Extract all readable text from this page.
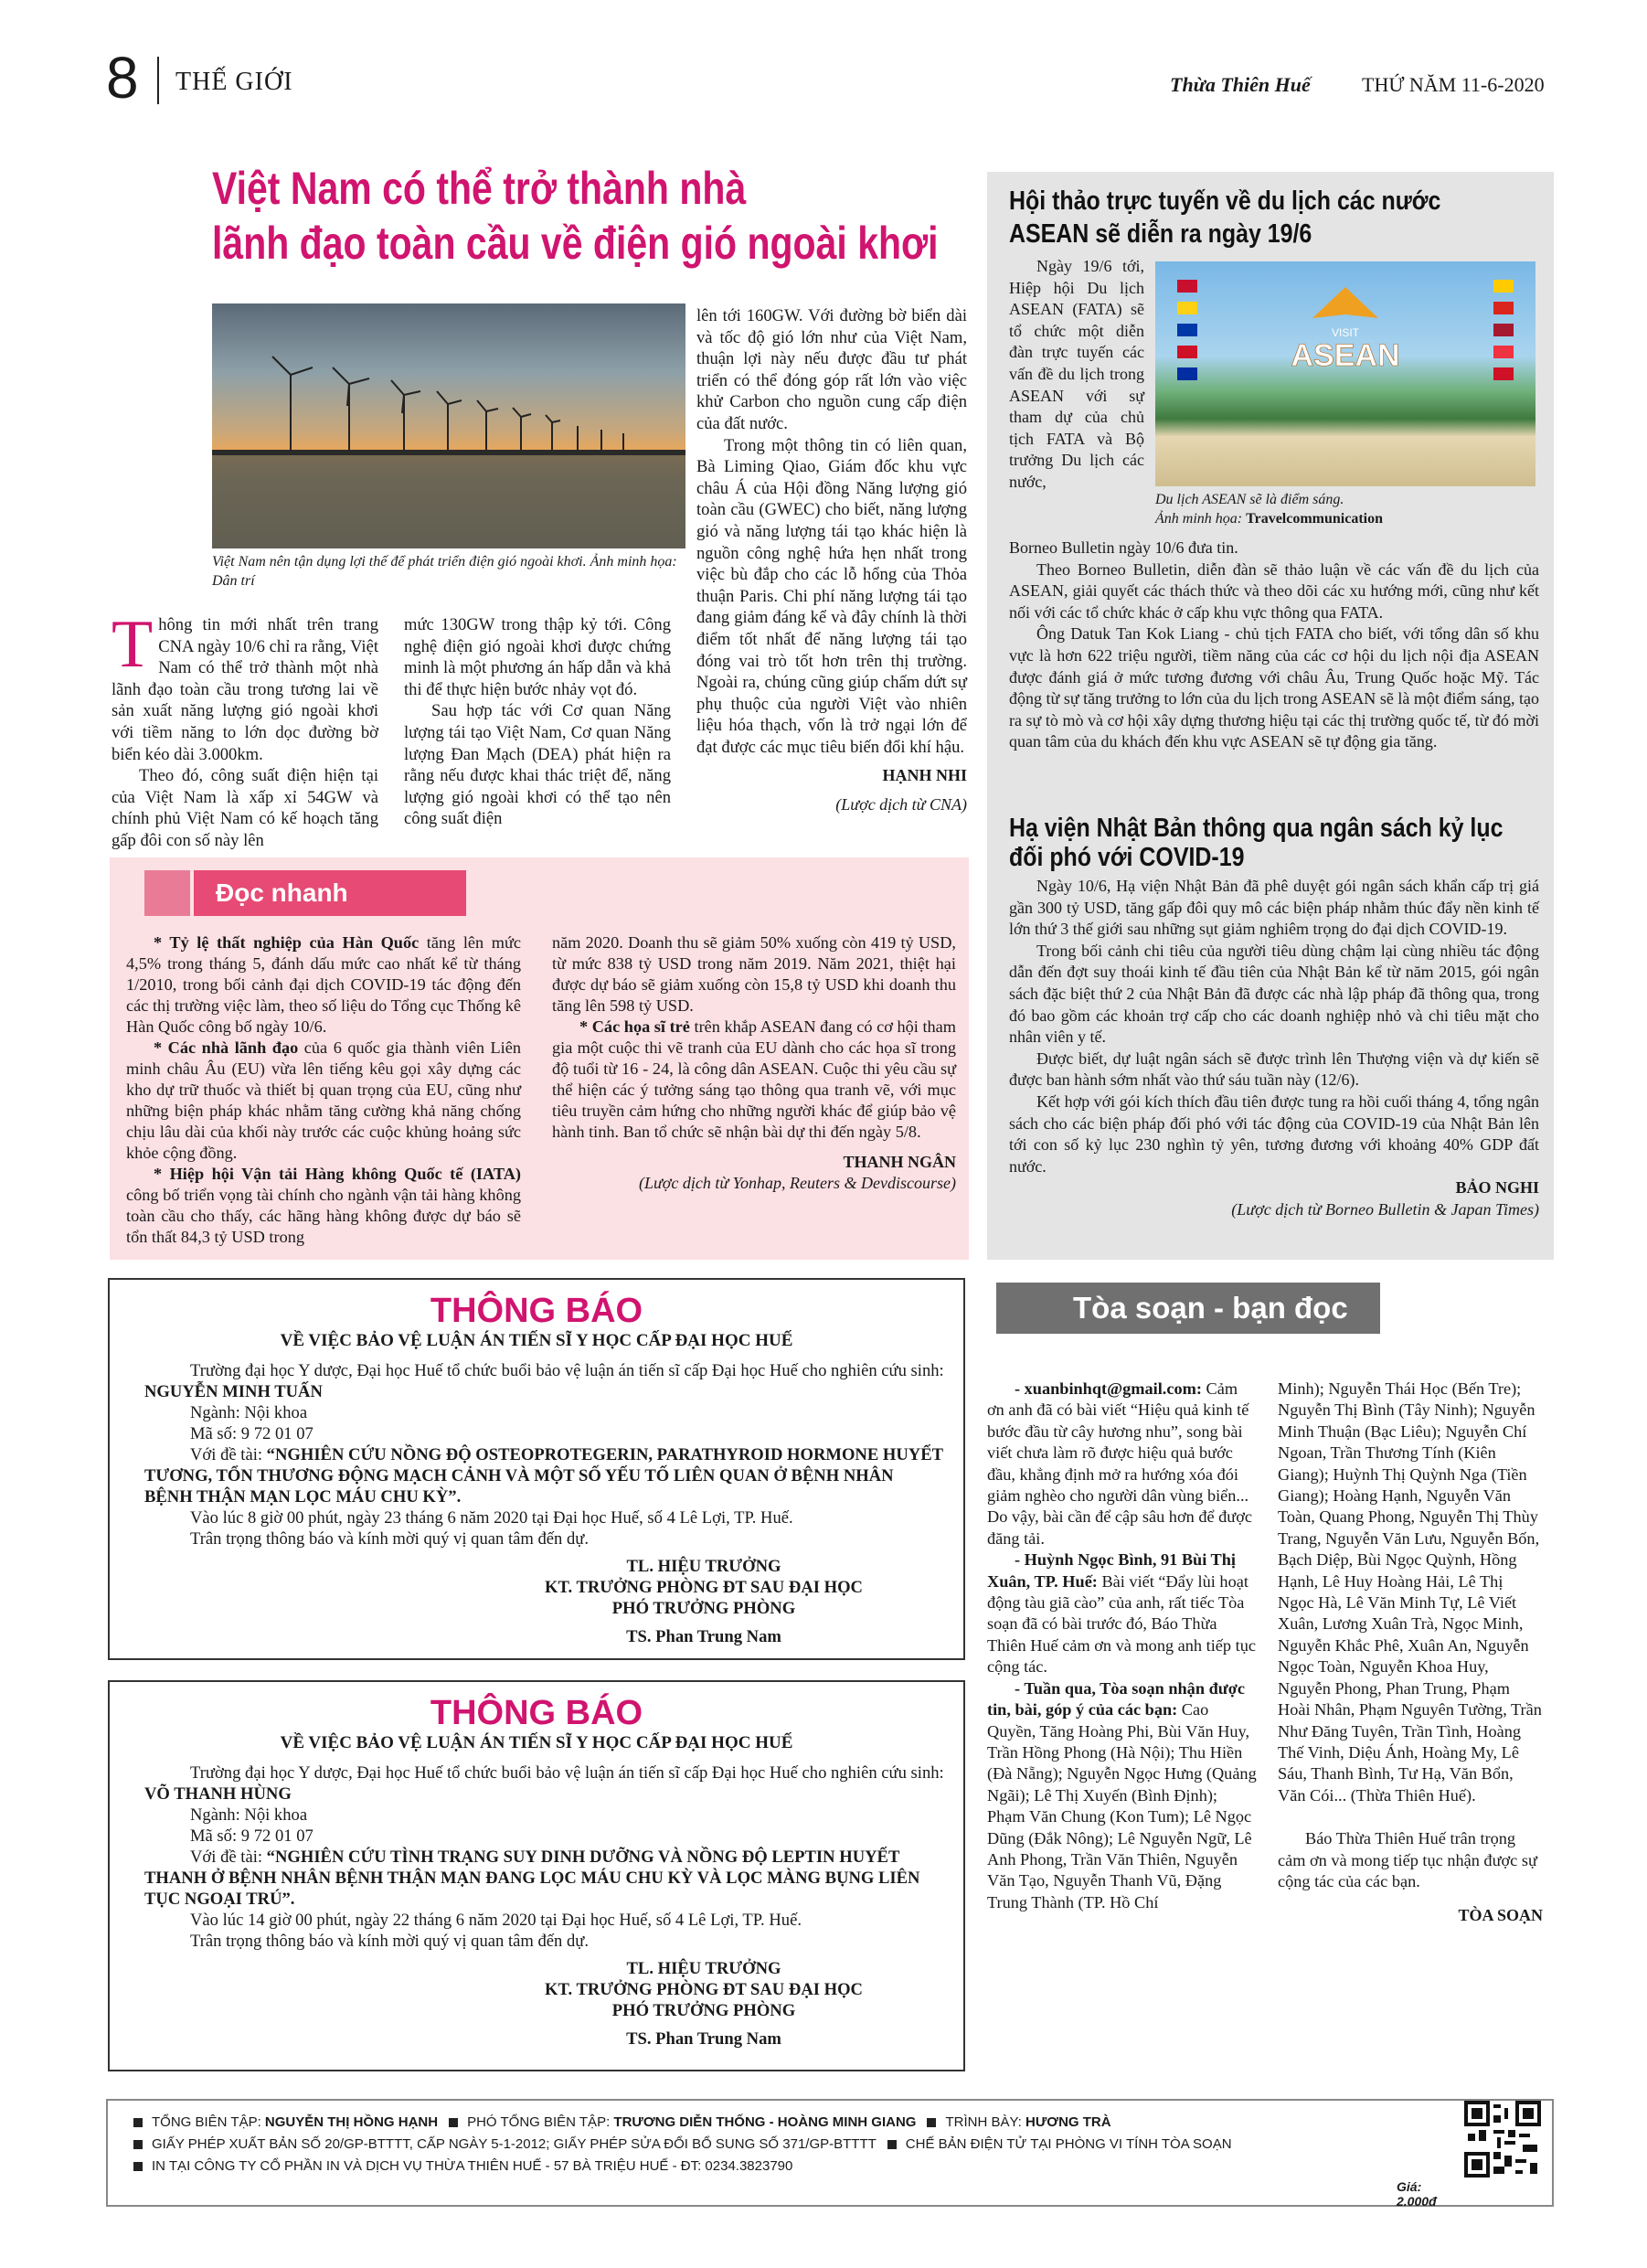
8 THẾ GIỚI	Thừa Thiên Huế	THỨ NĂM 11-6-2020
Việt Nam có thể trở thành nhà
lãnh đạo toàn cầu về điện gió ngoài khơi
Việt Nam nên tận dụng lợi thế để phát triển điện gió ngoài khơi. Ảnh minh họa: Dân trí

Thông tin mới nhất trên trang CNA ngày 10/6 chỉ ra rằng, Việt Nam có thể trở thành một nhà lãnh đạo toàn cầu trong tương lai về sản xuất năng lượng gió ngoài khơi với tiềm năng to lớn dọc đường bờ biển kéo dài 3.000km.

Theo đó, công suất điện hiện tại của Việt Nam là xấp xỉ 54GW và chính phủ Việt Nam có kế hoạch tăng gấp đôi con số này lên

mức 130GW trong thập kỷ tới. Công nghệ điện gió ngoài khơi được chứng minh là một phương án hấp dẫn và khả thi để thực hiện bước nhảy vọt đó.

Sau hợp tác với Cơ quan Năng lượng tái tạo Việt Nam, Cơ quan Năng lượng Đan Mạch (DEA) phát hiện ra rằng nếu được khai thác triệt để, năng lượng gió ngoài khơi có thể tạo nên công suất điện

lên tới 160GW. Với đường bờ biển dài và tốc độ gió lớn như của Việt Nam, thuận lợi này nếu được đầu tư phát triển có thể đóng góp rất lớn vào việc khử Carbon cho nguồn cung cấp điện của đất nước.

Trong một thông tin có liên quan, Bà Liming Qiao, Giám đốc khu vực châu Á của Hội đồng Năng lượng gió toàn cầu (GWEC) cho biết, năng lượng gió và năng lượng tái tạo khác hiện là nguồn công nghệ hứa hẹn nhất trong việc bù đắp cho các lỗ hổng của Thỏa thuận Paris. Chi phí năng lượng tái tạo đang giảm đáng kể và đây chính là thời điểm tốt nhất để năng lượng tái tạo đóng vai trò tốt hơn trên thị trường. Ngoài ra, chúng cũng giúp chấm dứt sự phụ thuộc của người Việt vào nhiên liệu hóa thạch, vốn là trở ngại lớn để đạt được các mục tiêu biến đổi khí hậu.

HẠNH NHI
(Lược dịch từ CNA)
Hội thảo trực tuyến về du lịch các nước
ASEAN sẽ diễn ra ngày 19/6

Ngày 19/6 tới, Hiệp hội Du lịch ASEAN (FATA) sẽ tổ chức một diễn đàn trực tuyến các vấn đề du lịch trong ASEAN với sự tham dự của chủ tịch FATA và Bộ trưởng Du lịch các nước,

VISIT
ASEAN
Du lịch ASEAN sẽ là điểm sáng.
Ảnh minh họa: Travelcommunication

Borneo Bulletin ngày 10/6 đưa tin.

Theo Borneo Bulletin, diễn đàn sẽ thảo luận về các vấn đề du lịch của ASEAN, giải quyết các thách thức và theo dõi các xu hướng mới, cũng như kết nối với các tổ chức khác ở cấp khu vực thông qua FATA.

Ông Datuk Tan Kok Liang - chủ tịch FATA cho biết, với tổng dân số khu vực là hơn 622 triệu người, tiềm năng của các cơ hội du lịch nội địa ASEAN được đánh giá ở mức tương đương với châu Âu, Trung Quốc hoặc Mỹ. Tác động từ sự tăng trưởng to lớn của du lịch trong ASEAN sẽ là một điểm sáng, tạo ra sự tò mò và cơ hội xây dựng thương hiệu tại các thị trường quốc tế, từ đó mời quan tâm của du khách đến khu vực ASEAN sẽ tự động gia tăng.

Hạ viện Nhật Bản thông qua ngân sách kỷ lục
đối phó với COVID-19

Ngày 10/6, Hạ viện Nhật Bản đã phê duyệt gói ngân sách khẩn cấp trị giá gần 300 tỷ USD, tăng gấp đôi quy mô các biện pháp nhằm thúc đẩy nền kinh tế lớn thứ 3 thế giới sau những sụt giảm nghiêm trọng do đại dịch COVID-19.

Trong bối cảnh chi tiêu của người tiêu dùng chậm lại cùng nhiều tác động dẫn đến đợt suy thoái kinh tế đầu tiên của Nhật Bản kể từ năm 2015, gói ngân sách đặc biệt thứ 2 của Nhật Bản đã được các nhà lập pháp đã thông qua, trong đó bao gồm các khoản trợ cấp cho các doanh nghiệp nhỏ và chi tiêu mặt cho nhân viên y tế.

Được biết, dự luật ngân sách sẽ được trình lên Thượng viện và dự kiến sẽ được ban hành sớm nhất vào thứ sáu tuần này (12/6).

Kết hợp với gói kích thích đầu tiên được tung ra hồi cuối tháng 4, tổng ngân sách cho các biện pháp đối phó với tác động của COVID-19 của Nhật Bản lên tới con số kỷ lục 230 nghìn tỷ yên, tương đương với khoảng 40% GDP đất nước.

BẢO NGHI
(Lược dịch từ Borneo Bulletin & Japan Times)
Đọc nhanh

* Tỷ lệ thất nghiệp của Hàn Quốc tăng lên mức 4,5% trong tháng 5, đánh dấu mức cao nhất kể từ tháng 1/2010, trong bối cảnh đại dịch COVID-19 tác động đến các thị trường việc làm, theo số liệu do Tổng cục Thống kê Hàn Quốc công bố ngày 10/6.

* Các nhà lãnh đạo của 6 quốc gia thành viên Liên minh châu Âu (EU) vừa lên tiếng kêu gọi xây dựng các kho dự trữ thuốc và thiết bị quan trọng của EU, cũng như những biện pháp khác nhằm tăng cường khả năng chống chịu lâu dài của khối này trước các cuộc khủng hoảng sức khỏe cộng đồng.

* Hiệp hội Vận tải Hàng không Quốc tế (IATA) công bố triển vọng tài chính cho ngành vận tải hàng không toàn cầu cho thấy, các hãng hàng không được dự báo sẽ tổn thất 84,3 tỷ USD trong

năm 2020. Doanh thu sẽ giảm 50% xuống còn 419 tỷ USD, từ mức 838 tỷ USD trong năm 2019. Năm 2021, thiệt hại được dự báo sẽ giảm xuống còn 15,8 tỷ USD khi doanh thu tăng lên 598 tỷ USD.

* Các họa sĩ trẻ trên khắp ASEAN đang có cơ hội tham gia một cuộc thi vẽ tranh của EU dành cho các họa sĩ trong độ tuổi từ 16 - 24, là công dân ASEAN. Cuộc thi yêu cầu sự thể hiện các ý tưởng sáng tạo thông qua tranh vẽ, với mục tiêu truyền cảm hứng cho những người khác để giúp bảo vệ hành tinh. Ban tổ chức sẽ nhận bài dự thi đến ngày 5/8.

THANH NGÂN
(Lược dịch từ Yonhap, Reuters & Devdiscourse)
THÔNG BÁO
VỀ VIỆC BẢO VỆ LUẬN ÁN TIẾN SĨ Y HỌC CẤP ĐẠI HỌC HUẾ

Trường đại học Y dược, Đại học Huế tổ chức buổi bảo vệ luận án tiến sĩ cấp Đại học Huế cho nghiên cứu sinh: NGUYỄN MINH TUẤN

Ngành: Nội khoa
Mã số: 9 72 01 07

Với đề tài: “NGHIÊN CỨU NỒNG ĐỘ OSTEOPROTEGERIN, PARATHYROID HORMONE HUYẾT TƯƠNG, TỔN THƯƠNG ĐỘNG MẠCH CẢNH VÀ MỘT SỐ YẾU TỐ LIÊN QUAN Ở BỆNH NHÂN BỆNH THẬN MẠN LỌC MÁU CHU KỲ”.

Vào lúc 8 giờ 00 phút, ngày 23 tháng 6 năm 2020 tại Đại học Huế, số 4 Lê Lợi, TP. Huế.

Trân trọng thông báo và kính mời quý vị quan tâm đến dự.

TL. HIỆU TRƯỞNG
KT. TRƯỞNG PHÒNG ĐT SAU ĐẠI HỌC
PHÓ TRƯỞNG PHÒNG
TS. Phan Trung Nam
THÔNG BÁO
VỀ VIỆC BẢO VỆ LUẬN ÁN TIẾN SĨ Y HỌC CẤP ĐẠI HỌC HUẾ

Trường đại học Y dược, Đại học Huế tổ chức buổi bảo vệ luận án tiến sĩ cấp Đại học Huế cho nghiên cứu sinh: VÕ THANH HÙNG

Ngành: Nội khoa
Mã số: 9 72 01 07

Với đề tài: “NGHIÊN CỨU TÌNH TRẠNG SUY DINH DƯỠNG VÀ NỒNG ĐỘ LEPTIN HUYẾT THANH Ở BỆNH NHÂN BỆNH THẬN MẠN ĐANG LỌC MÁU CHU KỲ VÀ LỌC MÀNG BỤNG LIÊN TỤC NGOẠI TRÚ”.

Vào lúc 14 giờ 00 phút, ngày 22 tháng 6 năm 2020 tại Đại học Huế, số 4 Lê Lợi, TP. Huế.

Trân trọng thông báo và kính mời quý vị quan tâm đến dự.

TL. HIỆU TRƯỞNG
KT. TRƯỞNG PHÒNG ĐT SAU ĐẠI HỌC
PHÓ TRƯỞNG PHÒNG
TS. Phan Trung Nam
Tòa soạn - bạn đọc

- xuanbinhqt@gmail.com: Cảm ơn anh đã có bài viết “Hiệu quả kinh tế bước đầu từ cây hương nhu”, song bài viết chưa làm rõ được hiệu quả bước đầu, khẳng định mở ra hướng xóa đói giảm nghèo cho người dân vùng biển... Do vậy, bài cần để cập sâu hơn để được đăng tải.

- Huỳnh Ngọc Bình, 91 Bùi Thị Xuân, TP. Huế: Bài viết “Đẩy lùi hoạt động tàu giã cào” của anh, rất tiếc Tòa soạn đã có bài trước đó, Báo Thừa Thiên Huế cảm ơn và mong anh tiếp tục cộng tác.

- Tuần qua, Tòa soạn nhận được tin, bài, góp ý của các bạn: Cao Quyền, Tăng Hoàng Phi, Bùi Văn Huy, Trần Hồng Phong (Hà Nội); Thu Hiền (Đà Nẵng); Nguyễn Ngọc Hưng (Quảng Ngãi); Lê Thị Xuyến (Bình Định); Phạm Văn Chung (Kon Tum); Lê Ngọc Dũng (Đắk Nông); Lê Nguyễn Ngữ, Lê Anh Phong, Trần Văn Thiên, Nguyễn Văn Tạo, Nguyễn Thanh Vũ, Đặng Trung Thành (TP. Hồ Chí

Minh); Nguyễn Thái Học (Bến Tre); Nguyễn Thị Bình (Tây Ninh); Nguyễn Minh Thuận (Bạc Liêu); Nguyễn Chí Ngoan, Trần Thương Tính (Kiên Giang); Huỳnh Thị Quỳnh Nga (Tiền Giang); Hoàng Hạnh, Nguyễn Văn Toàn, Quang Phong, Nguyễn Thị Thùy Trang, Nguyễn Văn Lưu, Nguyễn Bốn, Bạch Diệp, Bùi Ngọc Quỳnh, Hồng Hạnh, Lê Huy Hoàng Hải, Lê Thị Ngọc Hà, Lê Văn Minh Tự, Lê Viết Xuân, Lương Xuân Trà, Ngọc Minh, Nguyễn Khắc Phê, Xuân An, Nguyễn Ngọc Toàn, Nguyễn Khoa Huy, Nguyễn Phong, Phan Trung, Phạm Hoài Nhân, Phạm Nguyên Tường, Trần Như Đăng Tuyên, Trần Tình, Hoàng Thế Vinh, Diệu Ánh, Hoàng My, Lê Sáu, Thanh Bình, Tư Hạ, Văn Bổn, Văn Cói... (Thừa Thiên Huế).

Báo Thừa Thiên Huế trân trọng cảm ơn và mong tiếp tục nhận được sự cộng tác của các bạn.

TÒA SOẠN
TỔNG BIÊN TẬP: NGUYỄN THỊ HỒNG HẠNH PHÓ TỔNG BIÊN TẬP: TRƯƠNG DIỄN THỐNG - HOÀNG MINH GIANG TRÌNH BÀY: HƯƠNG TRÀ
GIẤY PHÉP XUẤT BẢN SỐ 20/GP-BTTTT, CẤP NGÀY 5-1-2012; GIẤY PHÉP SỬA ĐỔI BỔ SUNG SỐ 371/GP-BTTTT CHẾ BẢN ĐIỆN TỬ TẠI PHÒNG VI TÍNH TÒA SOẠN
IN TẠI CÔNG TY CỔ PHẦN IN VÀ DỊCH VỤ THỪA THIÊN HUẾ - 57 BÀ TRIỆU HUẾ - ĐT: 0234.3823790
Giá: 2.000đ
